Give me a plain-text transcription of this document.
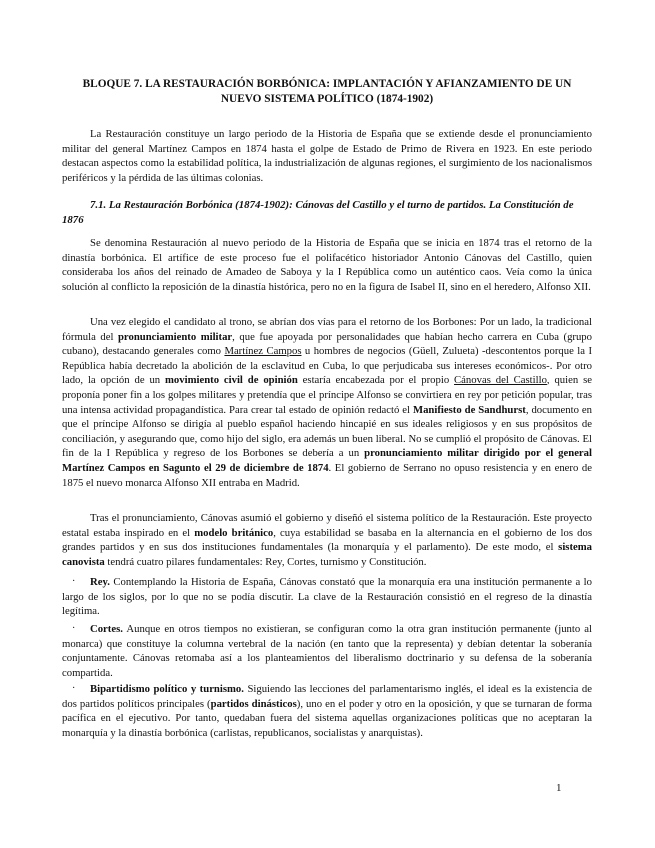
BLOQUE 7. LA RESTAURACIÓN BORBÓNICA: IMPLANTACIÓN Y AFIANZAMIENTO DE UN NUEVO SISTEMA POLÍTICO (1874-1902)

La Restauración constituye un largo periodo de la Historia de España que se extiende desde el pronunciamiento militar del general Martínez Campos en 1874 hasta el golpe de Estado de Primo de Rivera en 1923. En este periodo destacan aspectos como la estabilidad política, la industrialización de algunas regiones, el surgimiento de los nacionalismos periféricos y la pérdida de las últimas colonias.

7.1. La Restauración Borbónica (1874-1902): Cánovas del Castillo y el turno de partidos. La Constitución de 1876

Se denomina Restauración al nuevo periodo de la Historia de España que se inicia en 1874 tras el retorno de la dinastía borbónica. El artífice de este proceso fue el polifacético historiador Antonio Cánovas del Castillo, quien consideraba los años del reinado de Amadeo de Saboya y la I República como un auténtico caos. Veía como la única solución al conflicto la reposición de la dinastía histórica, pero no en la figura de Isabel II, sino en el heredero, Alfonso XII.

Una vez elegido el candidato al trono, se abrían dos vías para el retorno de los Borbones: Por un lado, la tradicional fórmula del pronunciamiento militar, que fue apoyada por personalidades que habían hecho carrera en Cuba (grupo cubano), destacando generales como Martínez Campos u hombres de negocios (Güell, Zulueta) -descontentos porque la I República había decretado la abolición de la esclavitud en Cuba, lo que perjudicaba sus intereses económicos-. Por otro lado, la opción de un movimiento civil de opinión estaría encabezada por el propio Cánovas del Castillo, quien se proponía poner fin a los golpes militares y pretendía que el príncipe Alfonso se convirtiera en rey por petición popular, tras una intensa actividad propagandística. Para crear tal estado de opinión redactó el Manifiesto de Sandhurst, documento en que el príncipe Alfonso se dirigía al pueblo español haciendo hincapié en sus ideales religiosos y en sus propósitos de conciliación, y asegurando que, como hijo del siglo, era además un buen liberal. No se cumplió el propósito de Cánovas. El fin de la I República y regreso de los Borbones se debería a un pronunciamiento militar dirigido por el general Martínez Campos en Sagunto el 29 de diciembre de 1874. El gobierno de Serrano no opuso resistencia y en enero de 1875 el nuevo monarca Alfonso XII entraba en Madrid.

Tras el pronunciamiento, Cánovas asumió el gobierno y diseñó el sistema político de la Restauración. Este proyecto estatal estaba inspirado en el modelo británico, cuya estabilidad se basaba en la alternancia en el gobierno de los dos grandes partidos y en sus dos instituciones fundamentales (la monarquía y el parlamento). De este modo, el sistema canovista tendrá cuatro pilares fundamentales: Rey, Cortes, turnismo y Constitución.

·	Rey. Contemplando la Historia de España, Cánovas constató que la monarquía era una institución permanente a lo largo de los siglos, por lo que no se podía discutir. La clave de la Restauración consistió en el regreso de la dinastía legítima.

·	Cortes. Aunque en otros tiempos no existieran, se configuran como la otra gran institución permanente (junto al monarca) que constituye la columna vertebral de la nación (en tanto que la representa) y debían detentar la soberanía conjuntamente. Cánovas retomaba así a los planteamientos del liberalismo doctrinario y su defensa de la soberanía compartida.

·	Bipartidismo político y turnismo. Siguiendo las lecciones del parlamentarismo inglés, el ideal es la existencia de dos partidos políticos principales (partidos dinásticos), uno en el poder y otro en la oposición, y que se turnaran de forma pacífica en el ejecutivo. Por tanto, quedaban fuera del sistema aquellas organizaciones políticas que no aceptaran la monarquía y la dinastía borbónica (carlistas, republicanos, socialistas y anarquistas).

1
